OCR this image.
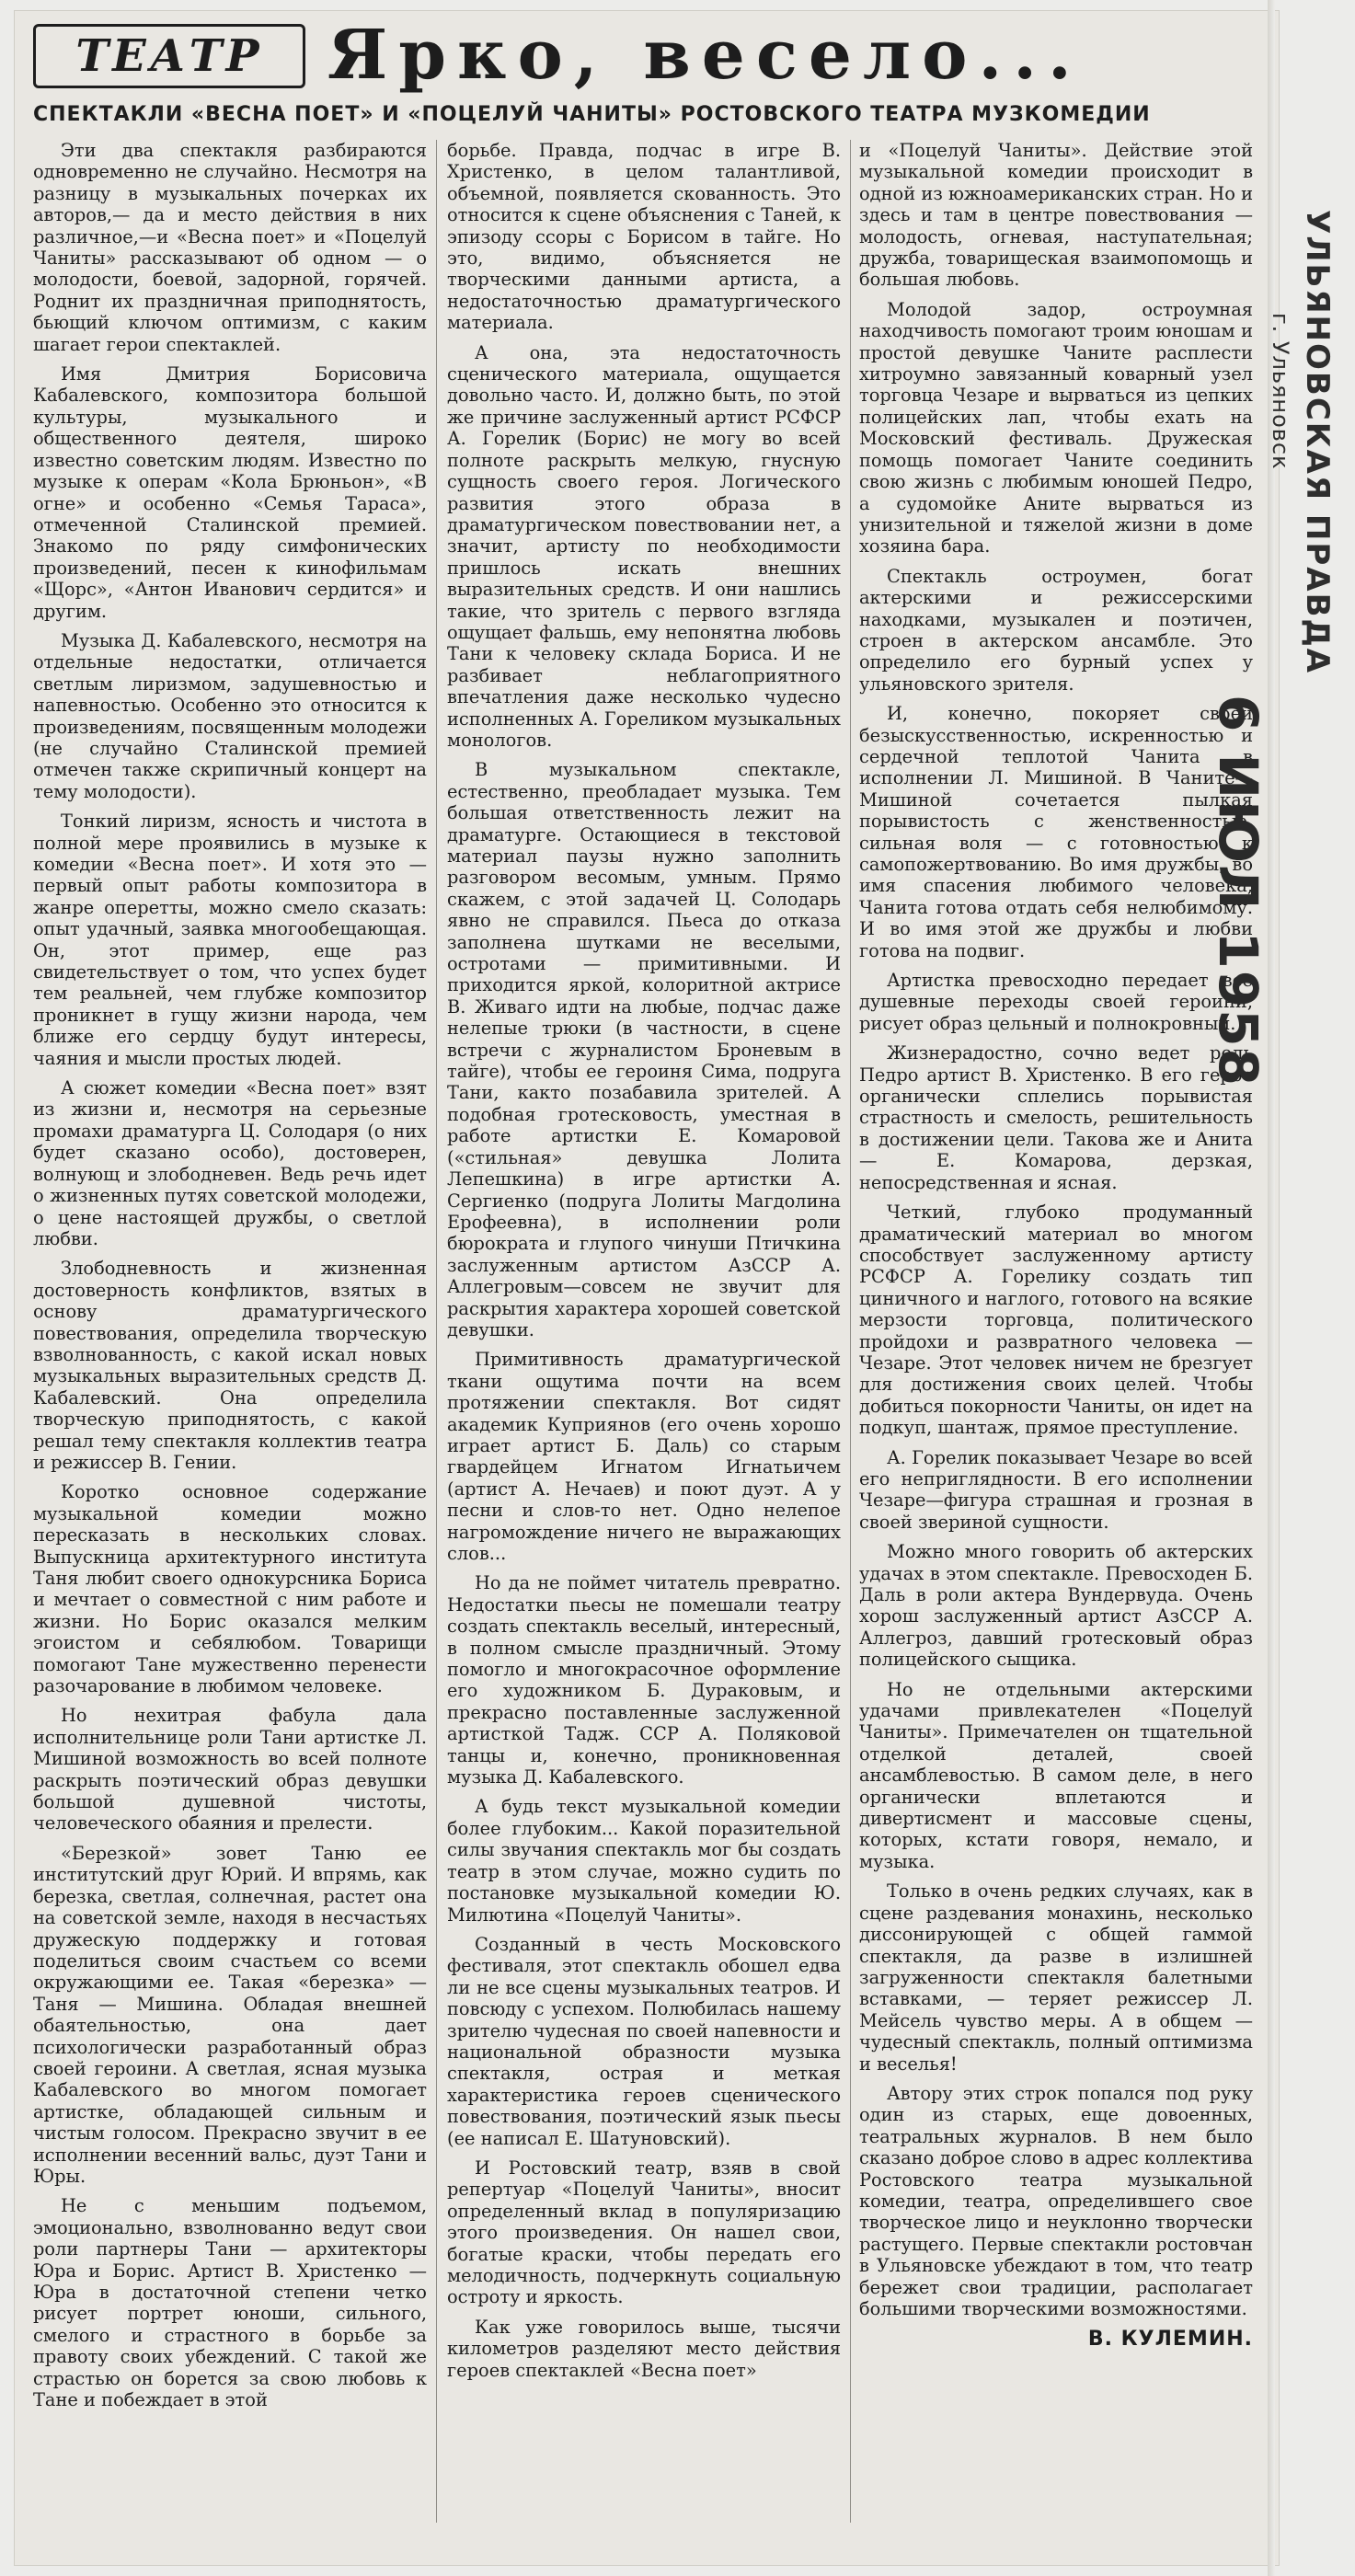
ТЕАТР Ярко, весело...
СПЕКТАКЛИ «ВЕСНА ПОЕТ» И «ПОЦЕЛУЙ ЧАНИТЫ» РОСТОВСКОГО ТЕАТРА МУЗКОМЕДИИ

Эти два спектакля разбираются одновременно не случайно. Несмотря на разницу в музыкальных почерках их авторов,— да и место действия в них различное,—и «Весна поет» и «Поцелуй Чаниты» рассказывают об одном — о молодости, боевой, задорной, горячей. Роднит их праздничная приподнятость, бьющий ключом оптимизм, с каким шагает герои спектаклей.

Имя Дмитрия Борисовича Кабалевского, композитора большой культуры, музыкального и общественного деятеля, широко известно советским людям. Известно по музыке к операм «Кола Брюньон», «В огне» и особенно «Семья Тараса», отмеченной Сталинской премией. Знакомо по ряду симфонических произведений, песен к кинофильмам «Щорс», «Антон Иванович сердится» и другим.

Музыка Д. Кабалевского, несмотря на отдельные недостатки, отличается светлым лиризмом, задушевностью и напевностью. Особенно это относится к произведениям, посвященным молодежи (не случайно Сталинской премией отмечен также скрипичный концерт на тему молодости).

Тонкий лиризм, ясность и чистота в полной мере проявились в музыке к комедии «Весна поет». И хотя это — первый опыт работы композитора в жанре оперетты, можно смело сказать: опыт удачный, заявка многообещающая. Он, этот пример, еще раз свидетельствует о том, что успех будет тем реальней, чем глубже композитор проникнет в гущу жизни народа, чем ближе его сердцу будут интересы, чаяния и мысли простых людей.

А сюжет комедии «Весна поет» взят из жизни и, несмотря на серьезные промахи драматурга Ц. Солодаря (о них будет сказано особо), достоверен, волнующ и злободневен. Ведь речь идет о жизненных путях советской молодежи, о цене настоящей дружбы, о светлой любви.

Злободневность и жизненная достоверность конфликтов, взятых в основу драматургического повествования, определила творческую взволнованность, с какой искал новых музыкальных выразительных средств Д. Кабалевский. Она определила творческую приподнятость, с какой решал тему спектакля коллектив театра и режиссер В. Гении.

Коротко основное содержание музыкальной комедии можно пересказать в нескольких словах. Выпускница архитектурного института Таня любит своего однокурсника Бориса и мечтает о совместной с ним работе и жизни. Но Борис оказался мелким эгоистом и себялюбом. Товарищи помогают Тане мужественно перенести разочарование в любимом человеке.

Но нехитрая фабула дала исполнительнице роли Тани артистке Л. Мишиной возможность во всей полноте раскрыть поэтический образ девушки большой душевной чистоты, человеческого обаяния и прелести.

«Березкой» зовет Таню ее институтский друг Юрий. И впрямь, как березка, светлая, солнечная, растет она на советской земле, находя в несчастьях дружескую поддержку и готовая поделиться своим счастьем со всеми окружающими ее. Такая «березка» — Таня — Мишина. Обладая внешней обаятельностью, она дает психологически разработанный образ своей героини. А светлая, ясная музыка Кабалевского во многом помогает артистке, обладающей сильным и чистым голосом. Прекрасно звучит в ее исполнении весенний вальс, дуэт Тани и Юры.

Не с меньшим подъемом, эмоционально, взволнованно ведут свои роли партнеры Тани — архитекторы Юра и Борис. Артист В. Христенко —Юра в достаточной степени четко рисует портрет юноши, сильного, смелого и страстного в борьбе за правоту своих убеждений. С такой же страстью он борется за свою любовь к Тане и побеждает в этой

борьбе. Правда, подчас в игре В. Христенко, в целом талантливой, объемной, появляется скованность. Это относится к сцене объяснения с Таней, к эпизоду ссоры с Борисом в тайге. Но это, видимо, объясняется не творческими данными артиста, а недостаточностью драматургического материала.

А она, эта недостаточность сценического материала, ощущается довольно часто. И, должно быть, по этой же причине заслуженный артист РСФСР А. Горелик (Борис) не могу во всей полноте раскрыть мелкую, гнусную сущность своего героя. Логического развития этого образа в драматургическом повествовании нет, а значит, артисту по необходимости пришлось искать внешних выразительных средств. И они нашлись такие, что зритель с первого взгляда ощущает фальшь, ему непонятна любовь Тани к человеку склада Бориса. И не разбивает неблагоприятного впечатления даже несколько чудесно исполненных А. Гореликом музыкальных монологов.

В музыкальном спектакле, естественно, преобладает музыка. Тем большая ответственность лежит на драматурге. Остающиеся в текстовой материал паузы нужно заполнить разговором весомым, умным. Прямо скажем, с этой задачей Ц. Солодарь явно не справился. Пьеса до отказа заполнена шутками не веселыми, остротами — примитивными. И приходится яркой, колоритной актрисе В. Живаго идти на любые, подчас даже нелепые трюки (в частности, в сцене встречи с журналистом Броневым в тайге), чтобы ее героиня Сима, подруга Тани, както позабавила зрителей. А подобная гротесковость, уместная в работе артистки Е. Комаровой («стильная» девушка Лолита Лепешкина) в игре артистки А. Сергиенко (подруга Лолиты Магдолина Ерофеевна), в исполнении роли бюрократа и глупого чинуши Птичкина заслуженным артистом АзССР А. Аллегровым—совсем не звучит для раскрытия характера хорошей советской девушки.

Примитивность драматургической ткани ощутима почти на всем протяжении спектакля. Вот сидят академик Куприянов (его очень хорошо играет артист Б. Даль) со старым гвардейцем Игнатом Игнатьичем (артист А. Нечаев) и поют дуэт. А у песни и слов-то нет. Одно нелепое нагромождение ничего не выражающих слов...

Но да не поймет читатель превратно. Недостатки пьесы не помешали театру создать спектакль веселый, интересный, в полном смысле праздничный. Этому помогло и многокрасочное оформление его художником Б. Дураковым, и прекрасно поставленные заслуженной артисткой Тадж. ССР А. Поляковой танцы и, конечно, проникновенная музыка Д. Кабалевского.

А будь текст музыкальной комедии более глубоким... Какой поразительной силы звучания спектакль мог бы создать театр в этом случае, можно судить по постановке музыкальной комедии Ю. Милютина «Поцелуй Чаниты».

Созданный в честь Московского фестиваля, этот спектакль обошел едва ли не все сцены музыкальных театров. И повсюду с успехом. Полюбилась нашему зрителю чудесная по своей напевности и национальной образности музыка спектакля, острая и меткая характеристика героев сценического повествования, поэтический язык пьесы (ее написал Е. Шатуновский).

И Ростовский театр, взяв в свой репертуар «Поцелуй Чаниты», вносит определенный вклад в популяризацию этого произведения. Он нашел свои, богатые краски, чтобы передать его мелодичность, подчеркнуть социальную остроту и яркость.

Как уже говорилось выше, тысячи километров разделяют место действия героев спектаклей «Весна поет»

и «Поцелуй Чаниты». Действие этой музыкальной комедии происходит в одной из южноамериканских стран. Но и здесь и там в центре повествования — молодость, огневая, наступательная; дружба, товарищеская взаимопомощь и большая любовь.

Молодой задор, остроумная находчивость помогают троим юношам и простой девушке Чаните расплести хитроумно завязанный коварный узел торговца Чезаре и вырваться из цепких полицейских лап, чтобы ехать на Московский фестиваль. Дружеская помощь помогает Чаните соединить свою жизнь с любимым юношей Педро, а судомойке Аните вырваться из унизительной и тяжелой жизни в доме хозяина бара.

Спектакль остроумен, богат актерскими и режиссерскими находками, музыкален и поэтичен, строен в актерском ансамбле. Это определило его бурный успех у ульяновского зрителя.

И, конечно, покоряет своей безыскусственностью, искренностью и сердечной теплотой Чанита в исполнении Л. Мишиной. В Чаните—Мишиной сочетается пылкая порывистость с женственностью, сильная воля — с готовностью к самопожертвованию. Во имя дружбы, во имя спасения любимого человека, Чанита готова отдать себя нелюбимому. И во имя этой же дружбы и любви готова на подвиг.

Артистка превосходно передает все душевные переходы своей героини, рисует образ цельный и полнокровный.

Жизнерадостно, сочно ведет роль Педро артист В. Христенко. В его герое органически сплелись порывистая страстность и смелость, решительность в достижении цели. Такова же и Анита — Е. Комарова, дерзкая, непосредственная и ясная.

Четкий, глубоко продуманный драматический материал во многом способствует заслуженному артисту РСФСР А. Горелику создать тип циничного и наглого, готового на всякие мерзости торговца, политического пройдохи и развратного человека — Чезаре. Этот человек ничем не брезгует для достижения своих целей. Чтобы добиться покорности Чаниты, он идет на подкуп, шантаж, прямое преступление.

А. Горелик показывает Чезаре во всей его неприглядности. В его исполнении Чезаре—фигура страшная и грозная в своей звериной сущности.

Можно много говорить об актерских удачах в этом спектакле. Превосходен Б. Даль в роли актера Вундервуда. Очень хорош заслуженный артист АзССР А. Аллегроз, давший гротесковый образ полицейского сыщика.

Но не отдельными актерскими удачами привлекателен «Поцелуй Чаниты». Примечателен он тщательной отделкой деталей, своей ансамблевостью. В самом деле, в него органически вплетаются и дивертисмент и массовые сцены, которых, кстати говоря, немало, и музыка.

Только в очень редких случаях, как в сцене раздевания монахинь, несколько диссонирующей с общей гаммой спектакля, да разве в излишней загруженности спектакля балетными вставками, — теряет режиссер Л. Мейсель чувство меры. А в общем — чудесный спектакль, полный оптимизма и веселья!

Автору этих строк попался под руку один из старых, еще довоенных, театральных журналов. В нем было сказано доброе слово в адрес коллектива Ростовского театра музыкальной комедии, театра, определившего свое творческое лицо и неуклонно творчески растущего. Первые спектакли ростовчан в Ульяновске убеждают в том, что театр бережет свои традиции, располагает большими творческими возможностями.

В. КУЛЕМИН.
УЛЬЯНОВСКАЯ ПРАВДА
г. Ульяновск
6 ИЮЛ 1958
